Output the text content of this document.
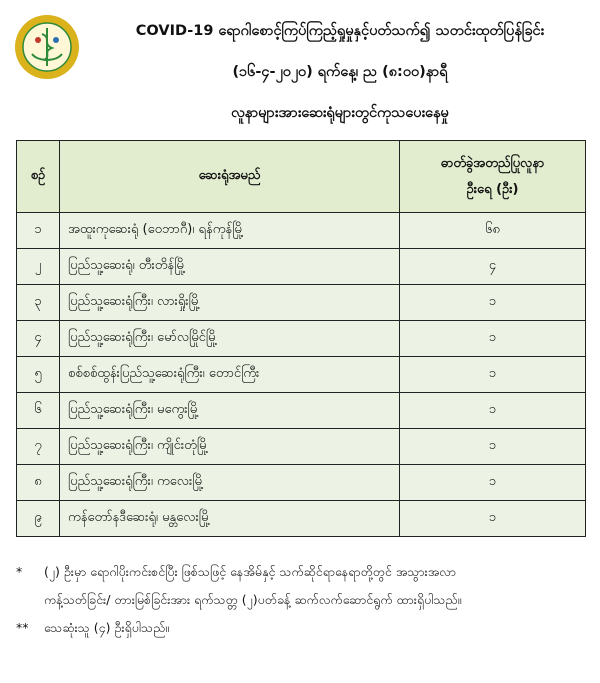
COVID-19 ရောဂါစောင့်ကြပ်ကြည့်ရှုမှုနှင့်ပတ်သက်၍ သတင်းထုတ်ပြန်ခြင်း
(၁၆-၄-၂၀၂၀) ရက်နေ့၊ ည (၈:၀၀)နာရီ
လူနာများအားဆေးရုံများတွင်ကုသပေးနေမှု
စဉ်	ဆေးရုံအမည်	ဓာတ်ခွဲအတည်ပြုလူနာ
ဦးရေ (ဦး)

၁	အထူးကုဆေးရုံ (ဝေဘာဂီ)၊ ရန်ကုန်မြို့	၆၈
၂	ပြည်သူ့ဆေးရုံ၊ တီးတိန်မြို့	၄
၃	ပြည်သူ့ဆေးရုံကြီး၊ လားရှိုးမြို့	၁
၄	ပြည်သူ့ဆေးရုံကြီး၊ မော်လမြိုင်မြို့	၁
၅	စစ်စစ်ထွန်းပြည်သူ့ဆေးရုံကြီး၊ တောင်ကြီး	၁
၆	ပြည်သူ့ဆေးရုံကြီး၊ မကွေးမြို့	၁
၇	ပြည်သူ့ဆေးရုံကြီး၊ ကျိုင်းတုံမြို့	၁
၈	ပြည်သူ့ဆေးရုံကြီး၊ ကလေးမြို့	၁
၉	ကန်တော်နဒီဆေးရုံ၊ မန္တလေးမြို့	၁
* (၂) ဦးမှာ ရောဂါပိုးကင်းစင်ပြီး ဖြစ်သဖြင့် နေအိမ်နှင့် သက်ဆိုင်ရာနေရာတို့တွင် အသွားအလာ
ကန့်သတ်ခြင်း/ တားမြစ်ခြင်းအား ရက်သတ္တ (၂)ပတ်ခန့် ဆက်လက်ဆောင်ရွက် ထားရှိပါသည်။
** သေဆုံးသူ (၄) ဦးရှိပါသည်။
